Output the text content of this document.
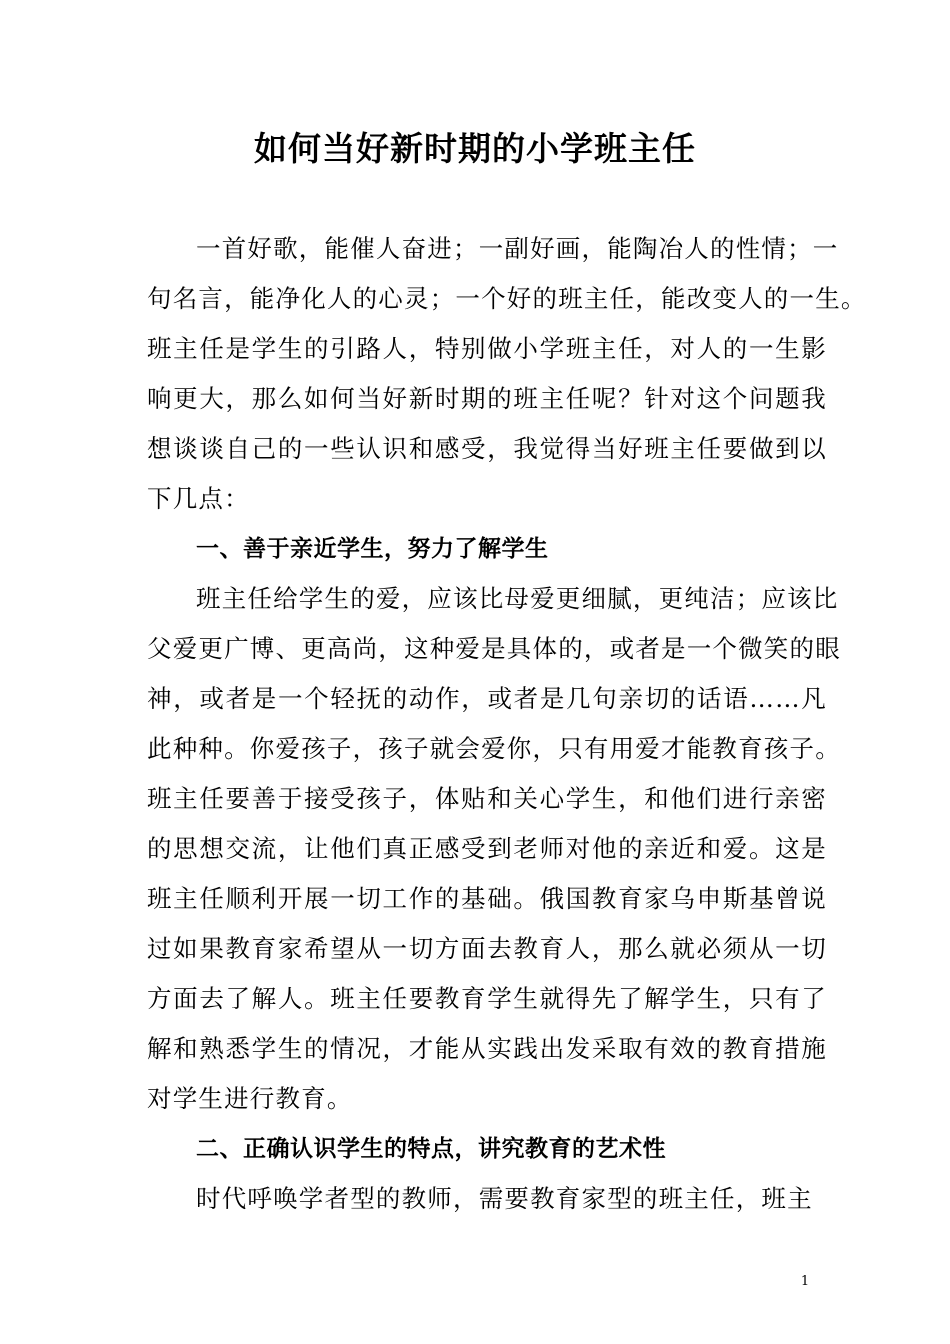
如何当好新时期的小学班主任
一首好歌，能催人奋进；一副好画，能陶冶人的性情；一
句名言，能净化人的心灵；一个好的班主任，能改变人的一生。
班主任是学生的引路人，特别做小学班主任，对人的一生影
响更大，那么如何当好新时期的班主任呢？针对这个问题我
想谈谈自己的一些认识和感受，我觉得当好班主任要做到以
下几点：
一、善于亲近学生，努力了解学生
班主任给学生的爱，应该比母爱更细腻，更纯洁；应该比
父爱更广博、更高尚，这种爱是具体的，或者是一个微笑的眼
神，或者是一个轻抚的动作，或者是几句亲切的话语……凡
此种种。你爱孩子，孩子就会爱你，只有用爱才能教育孩子。
班主任要善于接受孩子，体贴和关心学生，和他们进行亲密
的思想交流，让他们真正感受到老师对他的亲近和爱。这是
班主任顺利开展一切工作的基础。俄国教育家乌申斯基曾说
过如果教育家希望从一切方面去教育人，那么就必须从一切
方面去了解人。班主任要教育学生就得先了解学生，只有了
解和熟悉学生的情况，才能从实践出发采取有效的教育措施
对学生进行教育。
二、正确认识学生的特点，讲究教育的艺术性
时代呼唤学者型的教师，需要教育家型的班主任，班主
1
